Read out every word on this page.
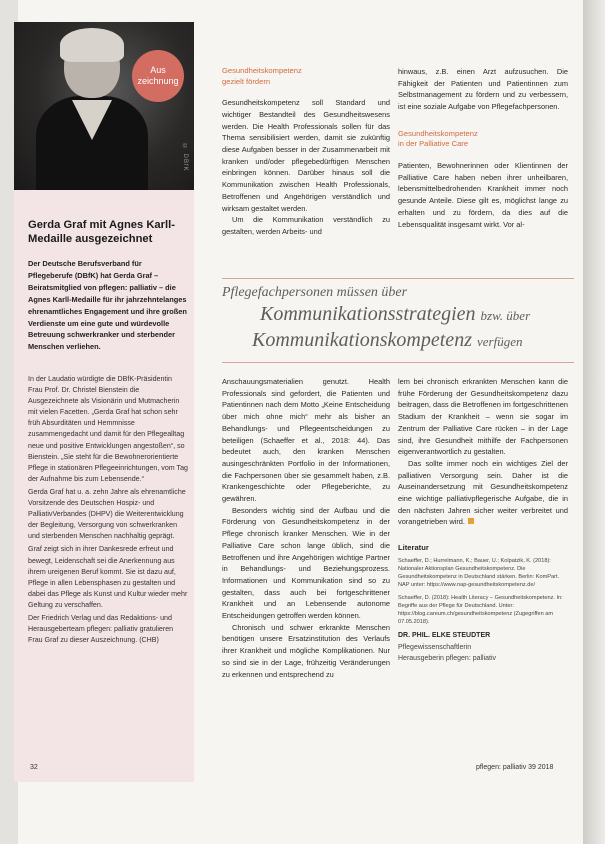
© DBfK
Aus
zeichnung
Gerda Graf mit Agnes Karll-Medaille ausgezeichnet
Der Deutsche Berufsverband für Pflegeberufe (DBfK) hat Gerda Graf – Beiratsmitglied von pflegen: palliativ – die Agnes Karll-Medaille für ihr jahrzehntelanges ehrenamtliches Engagement und ihre großen Verdienste um eine gute und würdevolle Betreuung schwerkranker und sterbender Menschen verliehen.

In der Laudatio würdigte die DBfK-Präsidentin Frau Prof. Dr. Christel Bienstein die Ausgezeichnete als Visionärin und Mutmacherin mit vielen Facetten. „Gerda Graf hat schon sehr früh Absurditäten und Hemmnisse zusammengedacht und damit für den Pflegealltag neue und positive Entwicklungen angestoßen“, so Bienstein. „Sie steht für die Bewohnerorientierte Pflege in stationären Pflegeeinrichtungen, vom Tag der Aufnahme bis zum Lebensende.“

Gerda Graf hat u. a. zehn Jahre als ehrenamtliche Vorsitzende des Deutschen Hospiz- und PalliativVerbandes (DHPV) die Weiterentwicklung der Begleitung, Versorgung von schwerkranken und sterbenden Menschen nachhaltig geprägt.

Graf zeigt sich in ihrer Dankesrede erfreut und bewegt, Leidenschaft sei die Anerkennung aus ihrem ureigenen Beruf kommt. Sie ist dazu auf, Pflege in allen Lebensphasen zu gestalten und dabei das Pflege als Kunst und Kultur wieder mehr Geltung zu verschaffen.

Der Friedrich Verlag und das Redaktions- und Herausgeberteam pflegen: palliativ gratulieren Frau Graf zu dieser Auszeichnung. (CHB)

Gesundheitskompetenz
gezielt fördern

Gesundheitskompetenz soll Standard und wichtiger Bestandteil des Gesundheitswesens werden. Die Health Professionals sollen für das Thema sensibilisiert werden, damit sie zukünftig diese Aufgaben besser in der Zusammenarbeit mit kranken und/oder pflegebedürftigen Menschen einbringen können. Darüber hinaus soll die Kommunikation zwischen Health Professionals, Betroffenen und Angehörigen verständlich und wirksam gestaltet werden.

Um die Kommunikation verständlich zu gestalten, werden Arbeits- und

hinwaus, z.B. einen Arzt aufzusuchen. Die Fähigkeit der Patienten und Patientinnen zum Selbstmanagement zu fördern und zu verbessern, ist eine soziale Aufgabe von Pflegefachpersonen.

Gesundheitskompetenz
in der Palliative Care

Patienten, Bewohnerinnen oder Klientinnen der Palliative Care haben neben ihrer unheilbaren, lebensmittelbedrohenden Krankheit immer noch gesunde Anteile. Diese gilt es, möglichst lange zu erhalten und zu fördern, da dies auf die Lebensqualität insgesamt wirkt. Vor al-

Pflegefachpersonen müssen über
Kommunikationsstrategien bzw. über
Kommunikationskompetenz verfügen

Anschauungsmaterialien genutzt. Health Professionals sind gefordert, die Patienten und Patientinnen nach dem Motto „Keine Entscheidung über mich ohne mich“ mehr als bisher an Behandlungs- und Pflegeentscheidungen zu beteiligen (Schaeffer et al., 2018: 44). Das bedeutet auch, den kranken Menschen ausingeschränkten Portfolio in der Informationen, die Fachpersonen über sie gesammelt haben, z.B. Krankengeschichte oder Pflegeberichte, zu gewähren.

Besonders wichtig sind der Aufbau und die Förderung von Gesundheitskompetenz in der Pflege chronisch kranker Menschen. Wie in der Palliative Care schon lange üblich, sind die Betroffenen und ihre Angehörigen wichtige Partner in Behandlungs- und Beziehungsprozess. Informationen und Kommunikation sind so zu gestalten, dass auch bei fortgeschrittener Krankheit und an Lebensende autonome Entscheidungen getroffen werden können.

Chronisch und schwer erkrankte Menschen benötigen unsere Ersatzinstitution des Verlaufs ihrer Krankheit und mögliche Komplikationen. Nur so sind sie in der Lage, frühzeitig Veränderungen zu erkennen und entsprechend zu

lem bei chronisch erkrankten Menschen kann die frühe Förderung der Gesundheitskompetenz dazu beitragen, dass die Betroffenen im fortgeschrittenen Stadium der Krankheit – wenn sie sogar im Zentrum der Palliative Care rücken – in der Lage sind, ihre Gesundheit mithilfe der Fachpersonen eigenverantwortlich zu gestalten.

Das sollte immer noch ein wichtiges Ziel der palliativen Versorgung sein. Daher ist die Auseinandersetzung mit Gesundheitskompetenz eine wichtige palliativpflegerische Aufgabe, die in den nächsten Jahren sicher weiter verbreitet und vorangetrieben wird.

Literatur
Schaeffer, D.; Hurrelmann, K.; Bauer, U.; Kolpatzik, K. (2018): Nationaler Aktionsplan Gesundheitskompetenz. Die Gesundheitskompetenz in Deutschland stärken. Berlin: KomPart. NAP unter: https://www.nap-gesundheitskompetenz.de/
Schaeffer, D. (2018): Health Literacy – Gesundheitskompetenz. In: Begriffe aus der Pflege für Deutschland. Unter: https://blog.careum.ch/gesundheitskompetenz (Zugegriffen am 07.05.2018).
DR. PHIL. ELKE STEUDTER
Pflegewissenschaftlerin
Herausgeberin pflegen: palliativ
32	pflegen: palliativ 39 2018
